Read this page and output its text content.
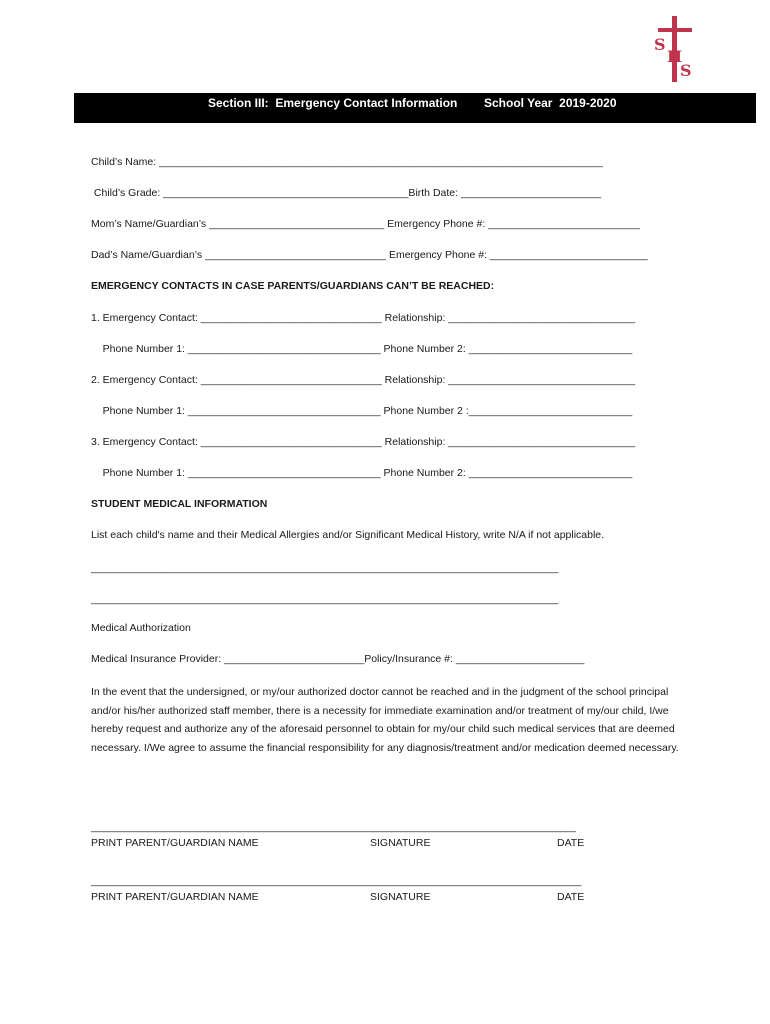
S
H
S
Section III:  Emergency Contact Information School Year  2019-2020
Child’s Name: ____________________________________________________________________________
Child’s Grade: __________________________________________Birth Date: ________________________
Mom’s Name/Guardian’s ______________________________ Emergency Phone #: __________________________
Dad’s Name/Guardian’s _______________________________ Emergency Phone #: ___________________________
EMERGENCY CONTACTS IN CASE PARENTS/GUARDIANS CAN’T BE REACHED:
1. Emergency Contact: _______________________________ Relationship: ________________________________
Phone Number 1: _________________________________ Phone Number 2: ____________________________
2. Emergency Contact: _______________________________ Relationship: ________________________________
Phone Number 1: _________________________________ Phone Number 2 :____________________________
3. Emergency Contact: _______________________________ Relationship: ________________________________
Phone Number 1: _________________________________ Phone Number 2: ____________________________
STUDENT MEDICAL INFORMATION
List each child's name and their Medical Allergies and/or Significant Medical History, write N/A if not applicable.
________________________________________________________________________________
________________________________________________________________________________
Medical Authorization
Medical Insurance Provider: ________________________Policy/Insurance #: ______________________
In the event that the undersigned, or my/our authorized doctor cannot be reached and in the judgment of the school principal and/or his/her authorized staff member, there is a necessity for immediate examination and/or treatment of my/our child, I/we hereby request and authorize any of the aforesaid personnel to obtain for my/our child such medical services that are deemed necessary. I/We agree to assume the financial responsibility for any diagnosis/treatment and/or medication deemed necessary.
___________________________________________________________________________________
PRINT PARENT/GUARDIAN NAME	SIGNATURE	DATE
____________________________________________________________________________________
PRINT PARENT/GUARDIAN NAME	SIGNATURE	DATE
